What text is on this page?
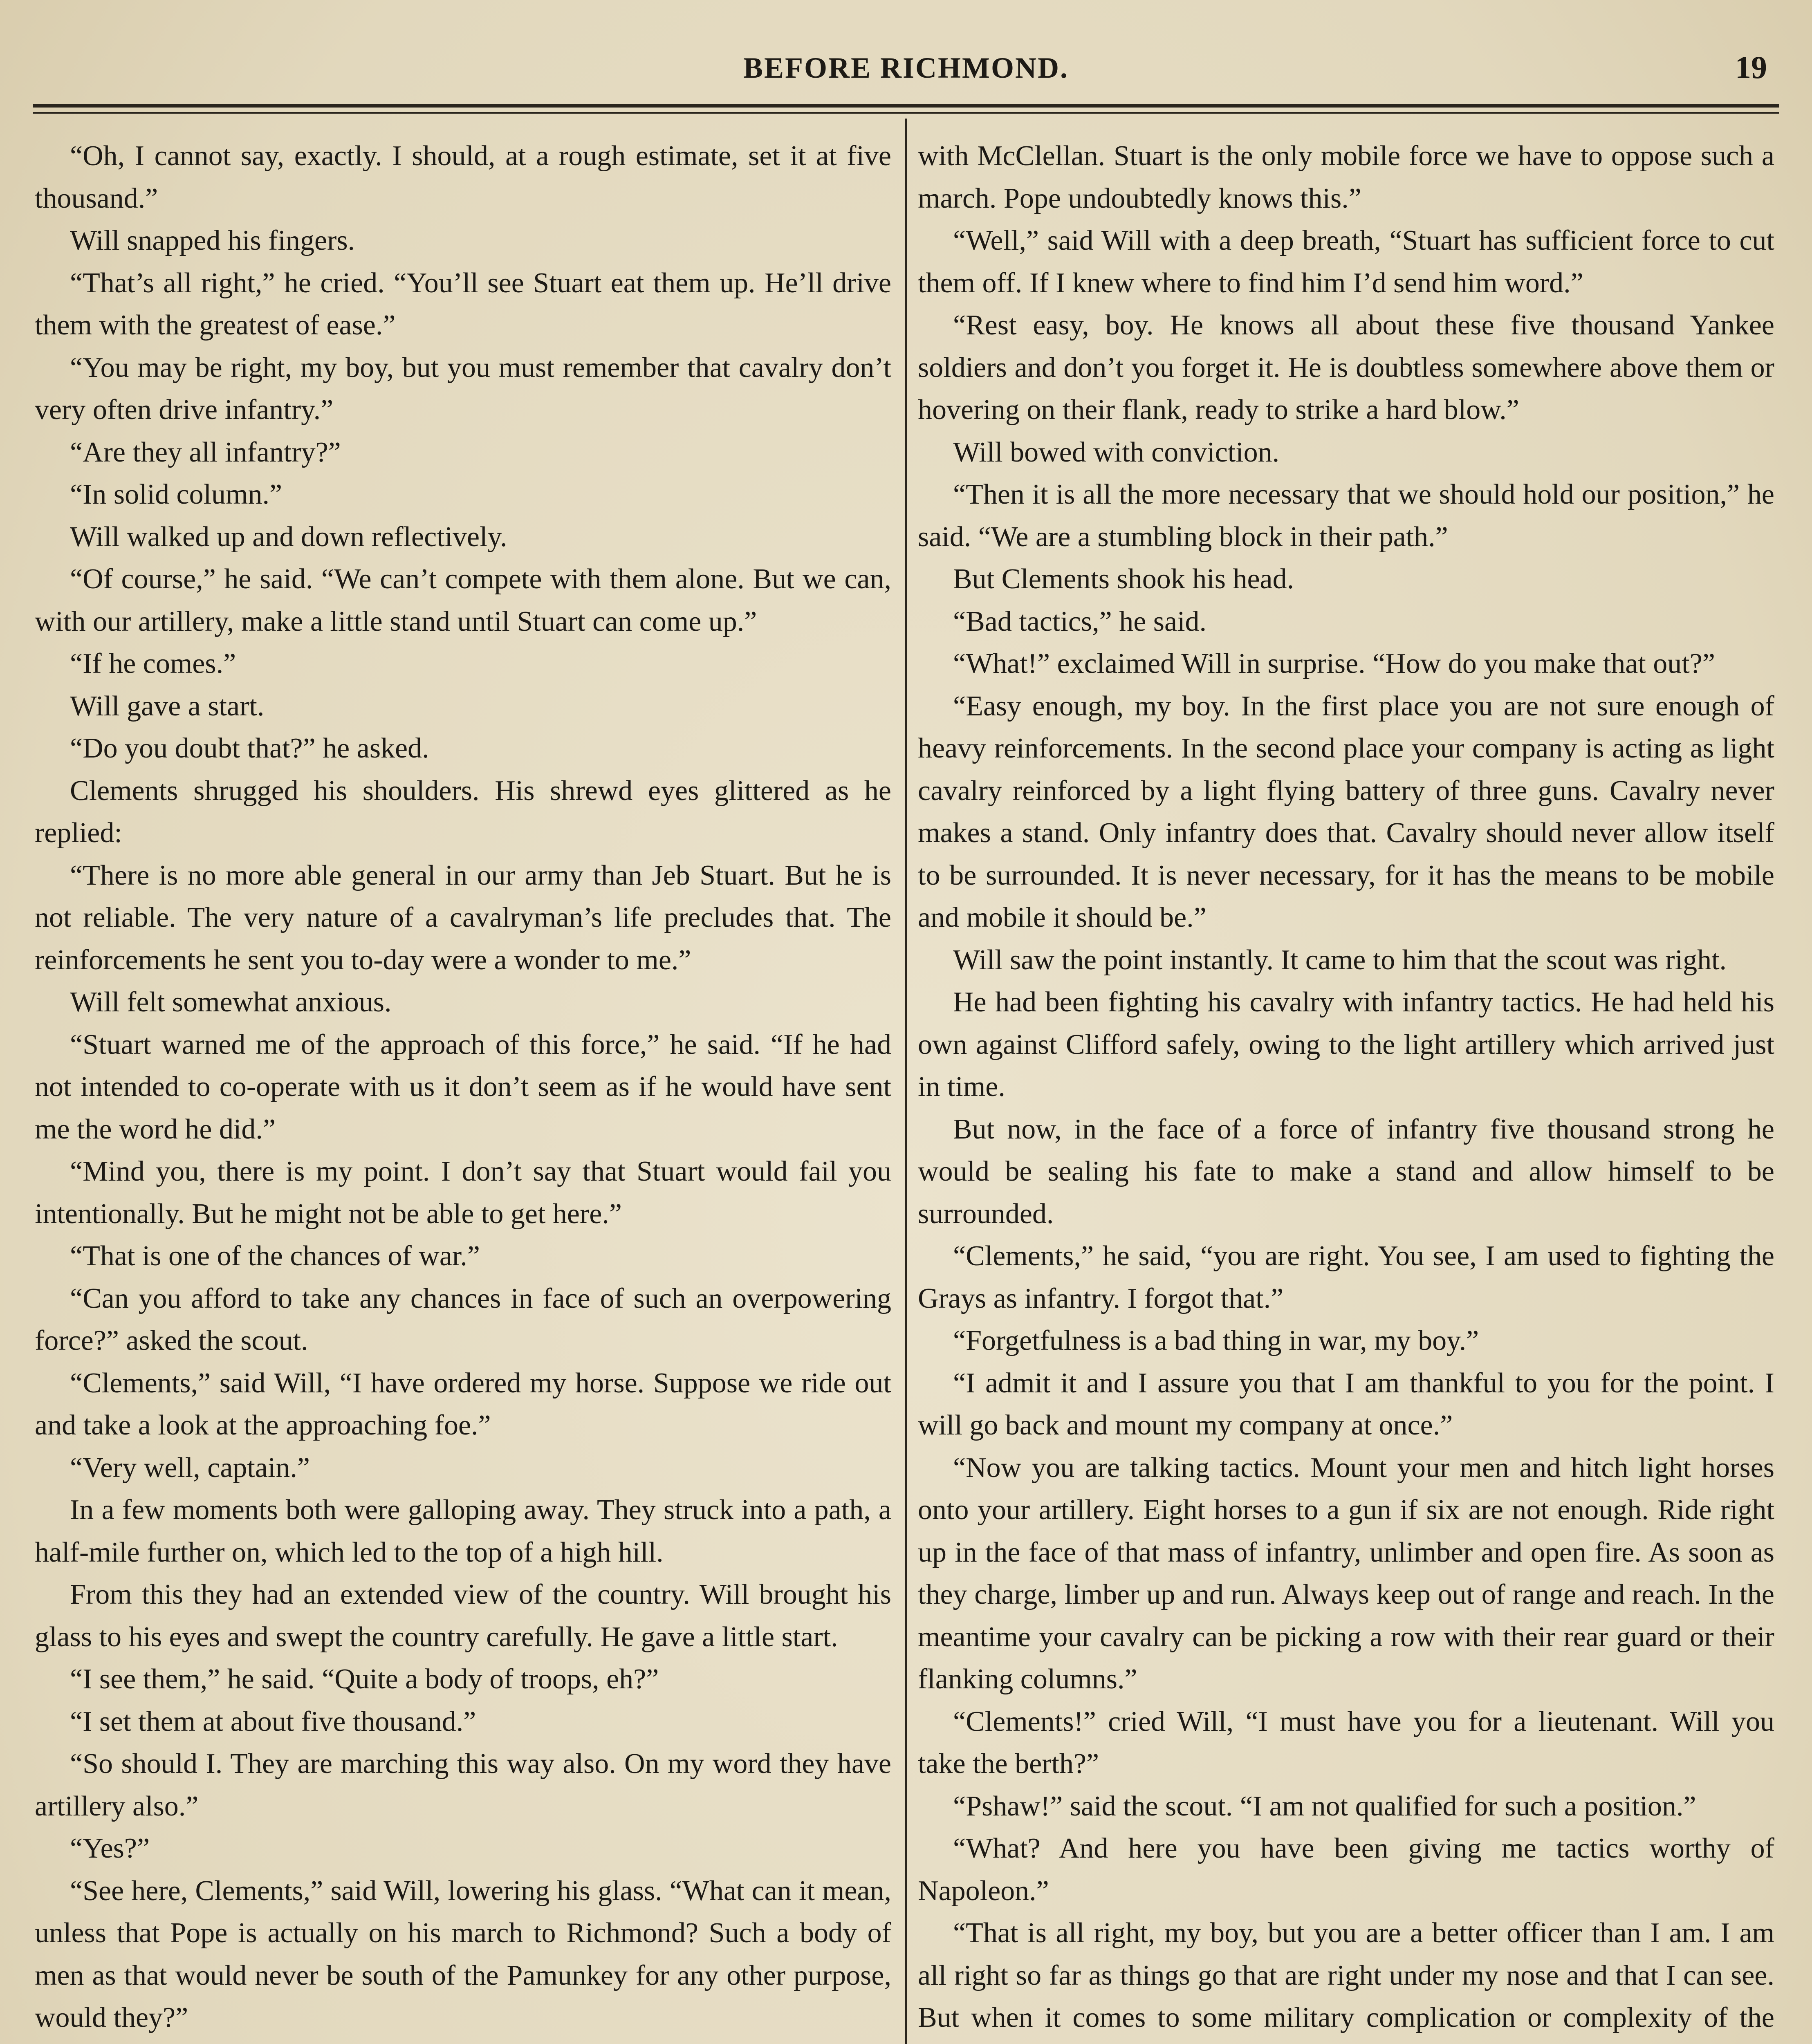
BEFORE RICHMOND.	19

“Oh, I cannot say, exactly. I should, at a rough estimate, set it at five thousand.”

Will snapped his fingers.

“That’s all right,” he cried. “You’ll see Stuart eat them up. He’ll drive them with the greatest of ease.”

“You may be right, my boy, but you must remember that cavalry don’t very often drive infantry.”

“Are they all infantry?”

“In solid column.”

Will walked up and down reflectively.

“Of course,” he said. “We can’t compete with them alone. But we can, with our artillery, make a little stand until Stuart can come up.”

“If he comes.”

Will gave a start.

“Do you doubt that?” he asked.

Clements shrugged his shoulders. His shrewd eyes glittered as he replied:

“There is no more able general in our army than Jeb Stuart. But he is not reliable. The very nature of a cavalryman’s life precludes that. The reinforcements he sent you to-day were a wonder to me.”

Will felt somewhat anxious.

“Stuart warned me of the approach of this force,” he said. “If he had not intended to co-operate with us it don’t seem as if he would have sent me the word he did.”

“Mind you, there is my point. I don’t say that Stuart would fail you intentionally. But he might not be able to get here.”

“That is one of the chances of war.”

“Can you afford to take any chances in face of such an overpowering force?” asked the scout.

“Clements,” said Will, “I have ordered my horse. Suppose we ride out and take a look at the approaching foe.”

“Very well, captain.”

In a few moments both were galloping away. They struck into a path, a half-mile further on, which led to the top of a high hill.

From this they had an extended view of the country. Will brought his glass to his eyes and swept the country carefully. He gave a little start.

“I see them,” he said. “Quite a body of troops, eh?”

“I set them at about five thousand.”

“So should I. They are marching this way also. On my word they have artillery also.”

“Yes?”

“See here, Clements,” said Will, lowering his glass. “What can it mean, unless that Pope is actually on his march to Richmond? Such a body of men as that would never be south of the Pamunkey for any other purpose, would they?”

with McClellan. Stuart is the only mobile force we have to oppose such a march. Pope undoubtedly knows this.”

“Well,” said Will with a deep breath, “Stuart has sufficient force to cut them off. If I knew where to find him I’d send him word.”

“Rest easy, boy. He knows all about these five thousand Yankee soldiers and don’t you forget it. He is doubtless somewhere above them or hovering on their flank, ready to strike a hard blow.”

Will bowed with conviction.

“Then it is all the more necessary that we should hold our position,” he said. “We are a stumbling block in their path.”

But Clements shook his head.

“Bad tactics,” he said.

“What!” exclaimed Will in surprise. “How do you make that out?”

“Easy enough, my boy. In the first place you are not sure enough of heavy reinforcements. In the second place your company is acting as light cavalry reinforced by a light flying battery of three guns. Cavalry never makes a stand. Only infantry does that. Cavalry should never allow itself to be surrounded. It is never necessary, for it has the means to be mobile and mobile it should be.”

Will saw the point instantly. It came to him that the scout was right.

He had been fighting his cavalry with infantry tactics. He had held his own against Clifford safely, owing to the light artillery which arrived just in time.

But now, in the face of a force of infantry five thousand strong he would be sealing his fate to make a stand and allow himself to be surrounded.

“Clements,” he said, “you are right. You see, I am used to fighting the Grays as infantry. I forgot that.”

“Forgetfulness is a bad thing in war, my boy.”

“I admit it and I assure you that I am thankful to you for the point. I will go back and mount my company at once.”

“Now you are talking tactics. Mount your men and hitch light horses onto your artillery. Eight horses to a gun if six are not enough. Ride right up in the face of that mass of infantry, unlimber and open fire. As soon as they charge, limber up and run. Always keep out of range and reach. In the meantime your cavalry can be picking a row with their rear guard or their flanking columns.”

“Clements!” cried Will, “I must have you for a lieutenant. Will you take the berth?”

“Pshaw!” said the scout. “I am not qualified for such a position.”

“What? And here you have been giving me tactics worthy of Napoleon.”

“That is all right, my boy, but you are a better officer than I am. I am all right so far as things go that are right under my nose and that I can see. But when it comes to some military complication or complexity of the
